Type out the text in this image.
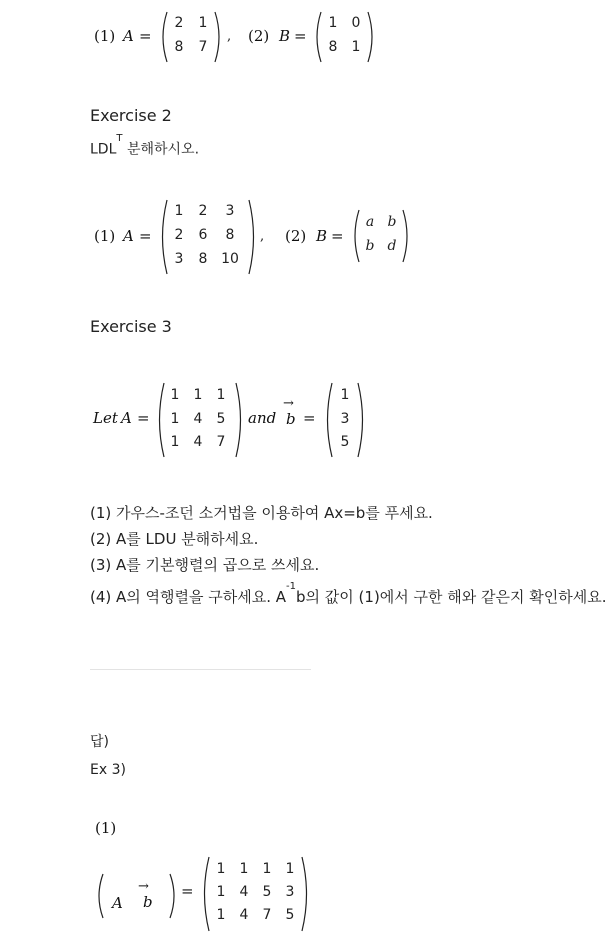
(1) A =
2	1
8	7
, (2) B =
1	0
8	1
Exercise 2
$LDL^T$ 분해하시오.
(1) A =
1	2	3
2	6	8
3	8 10
, (2) B =
a b
b d
Exercise 3
Let A =
1	1	1
1	4	5
1	4	7
and
→
b =
1
3
5
(1) 가우스-조던 소거법을 이용하여 Ax=b를 푸세요.
(2) A를 LDU 분해하세요.
(3) A를 기본행렬의 곱으로 쓰세요.
(4) A의 역행렬을 구하세요. $A^{-1}b$의 값이 (1)에서 구한 해와 같은지 확인하세요.
답)
Ex 3)
(1)
A
→
b
=
1	1	1	1
1	4	5	3
1	4	7	5
